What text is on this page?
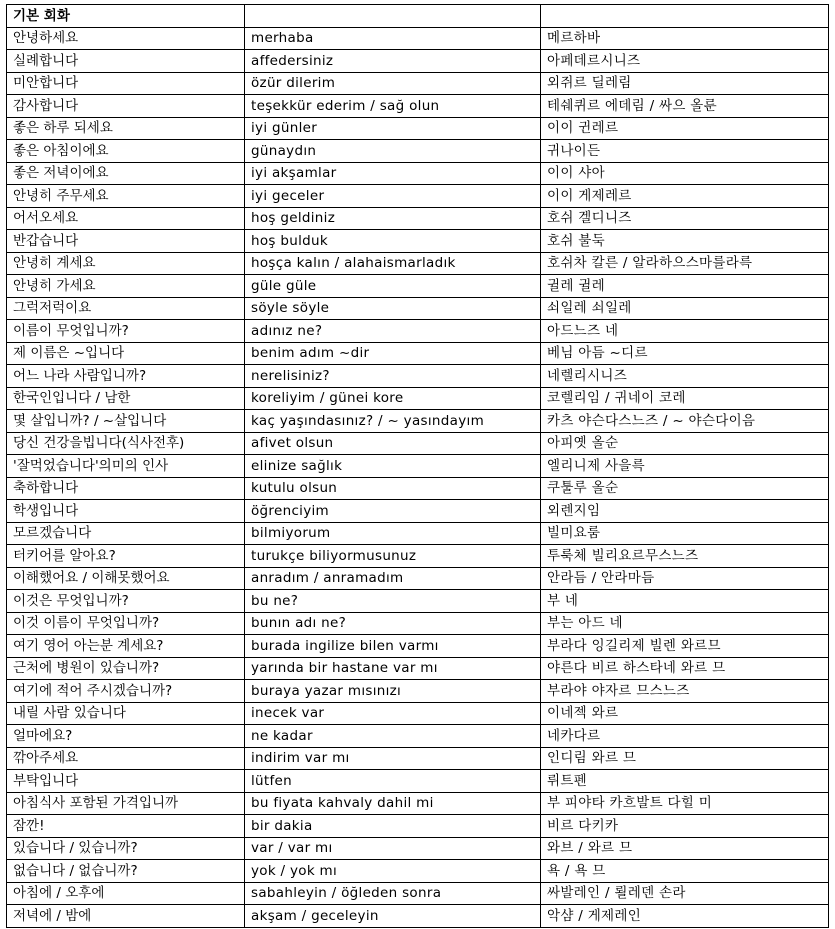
기본 회화		
안녕하세요	merhaba	메르하바
실례합니다	affedersiniz	아페데르시니즈
미안합니다	özür dilerim	외쥐르 딜레림
감사합니다	teşekkür ederim / sağ olun	테쉐퀴르 에데림 / 싸으 올룬
좋은 하루 되세요	iyi günler	이이 귄레르
좋은 아침이에요	günaydın	귀나이든
좋은 저녁이에요	iyi akşamlar	이이 샤아
안녕히 주무세요	iyi geceler	이이 게제레르
어서오세요	hoş geldiniz	호쉬 겔디니즈
반갑습니다	hoş bulduk	호쉬 불둑
안녕히 계세요	hoşça kalın / alahaismarladık	호쉬차 칼른 / 알라하으스마를라륵
안녕히 가세요	güle güle	귈레 귈레
그럭저럭이요	söyle söyle	쇠일레 쇠일레
이름이 무엇입니까?	adınız ne?	아드느즈 네
제 이름은 ~입니다	benim adım ~dir	베님 아듬 ~디르
어느 나라 사람입니까?	nerelisiniz?	네렐리시니즈
한국인입니다 / 남한	koreliyim / günei kore	코렐리임 / 귀네이 코레
몇 살입니까? / ~살입니다	kaç yaşındasınız? / ~ yasındayım	카츠 야슨다스느즈 / ~ 야슨다이음
당신 건강을빕니다(식사전후)	afivet olsun	아피옛 올순
'잘먹었습니다'의미의 인사	elinize sağlık	엘리니제 사을륵
축하합니다	kutulu olsun	쿠툴루 올순
학생입니다	öğrenciyim	외렌지임
모르겠습니다	bilmiyorum	빌미요룸
터키어를 알아요?	turukçe biliyormusunuz	투룩체 빌리요르무스느즈
이해했어요 / 이해못했어요	anradım / anramadım	안라듬 / 안라마듬
이것은 무엇입니까?	bu ne?	부 네
이것 이름이 무엇입니까?	bunın adı ne?	부는 아드 네
여기 영어 아는분 계세요?	burada ingilize bilen varmı	부라다 잉길리제 빌렌 와르므
근처에 병원이 있습니까?	yarında bir hastane var mı	야른다 비르 하스타네 와르 므
여기에 적어 주시겠습니까?	buraya yazar mısınızı	부라야 야자르 므스느즈
내릴 사람 있습니다	inecek var	이네젝 와르
얼마에요?	ne kadar	네카다르
깎아주세요	indirim var mı	인디림 와르 므
부탁입니다	lütfen	뤼트펜
아침식사 포함된 가격입니까	bu fiyata kahvaly dahil mi	부 피야타 카흐발트 다힐 미
잠깐!	bir dakia	비르 다키카
있습니다 / 있습니까?	var / var mı	와브 / 와르 므
없습니다 / 없습니까?	yok / yok mı	욕 / 욕 므
아침에 / 오후에	sabahleyin / öğleden sonra	싸발레인 / 뢸레덴 손라
저녁에 / 밤에	akşam / geceleyin	악샴 / 게제레인
